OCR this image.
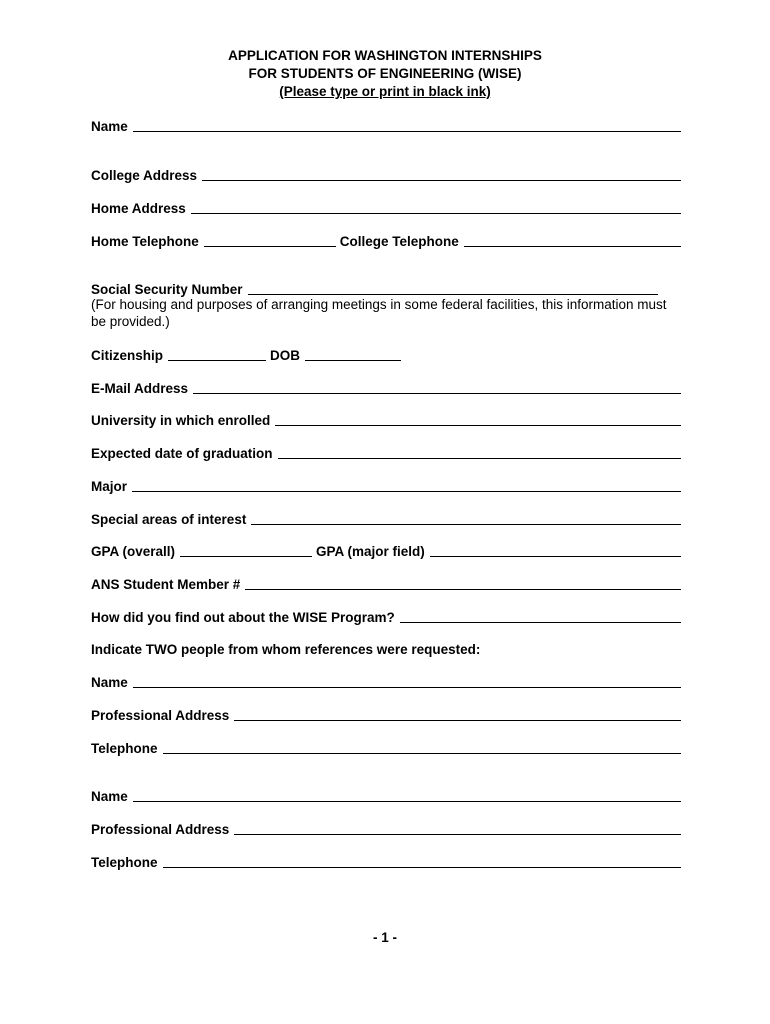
APPLICATION FOR WASHINGTON INTERNSHIPS
FOR STUDENTS OF ENGINEERING (WISE)
(Please type or print in black ink)
Name
College Address
Home Address
Home Telephone	College Telephone
Social Security Number
(For housing and purposes of arranging meetings in some federal facilities, this information must be provided.)
Citizenship	DOB
E-Mail Address
University in which enrolled
Expected date of graduation
Major
Special areas of interest
GPA (overall)	GPA (major field)
ANS Student Member #
How did you find out about the WISE Program?
Indicate TWO people from whom references were requested:
Name
Professional Address
Telephone
Name
Professional Address
Telephone
- 1 -
